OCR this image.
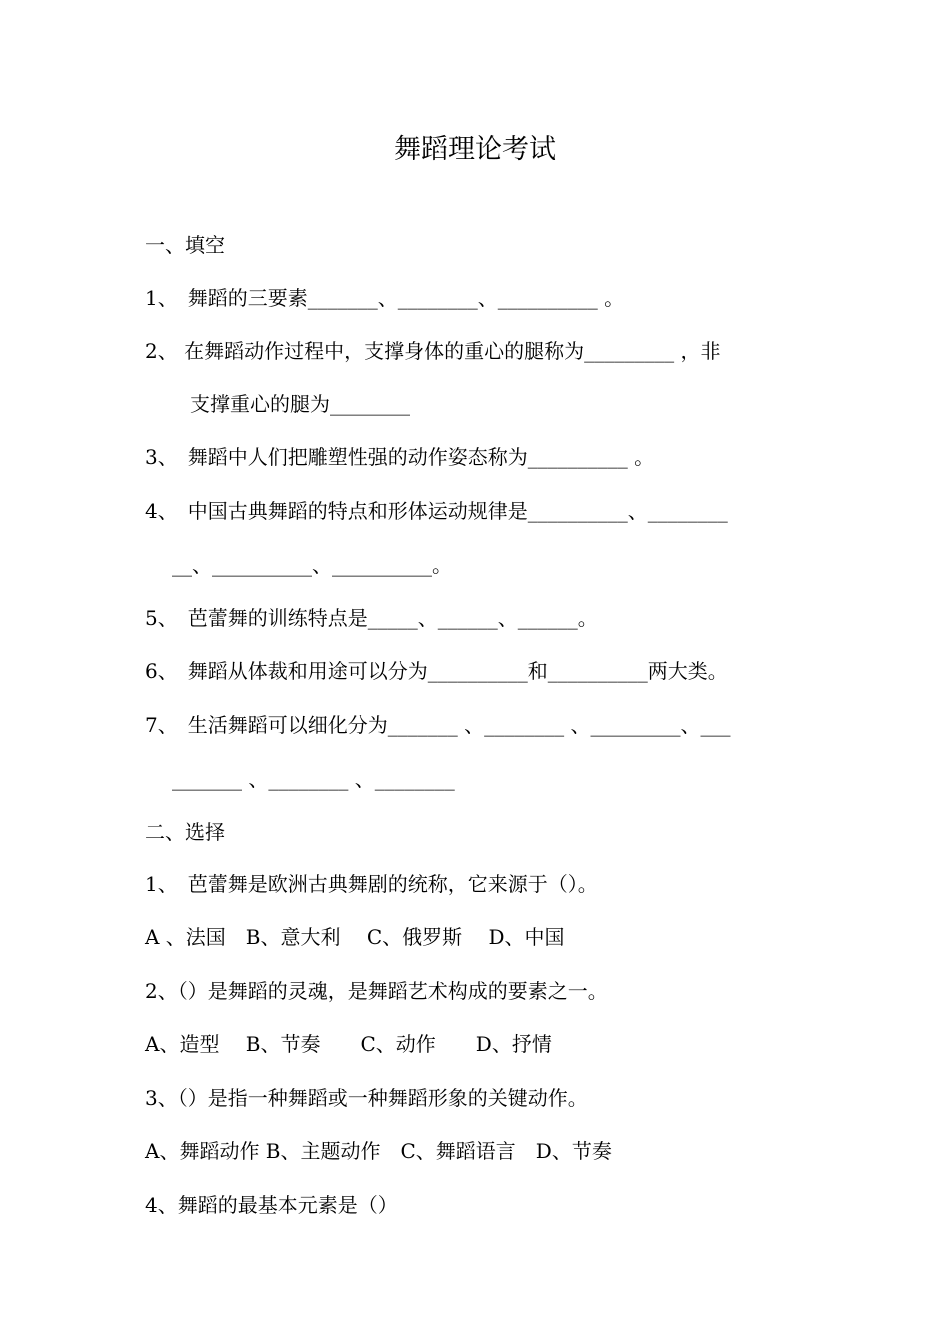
舞蹈理论考试
一、填空
1、　舞蹈的三要素_______、________、__________ 。
2、 在舞蹈动作过程中，支撑身体的重心的腿称为_________ ，非
支撑重心的腿为________
3、　舞蹈中人们把雕塑性强的动作姿态称为__________ 。
4、　中国古典舞蹈的特点和形体运动规律是__________、________
__、__________、__________。
5、　芭蕾舞的训练特点是_____、______、______。
6、　舞蹈从体裁和用途可以分为__________和__________两大类。
7、　生活舞蹈可以细化分为_______ 、________ 、_________、___
_______ 、________ 、________
二、选择
1、　芭蕾舞是欧洲古典舞剧的统称，它来源于（）。
A 、法国　B、意大利　 C、俄罗斯　 D、中国
2、（）是舞蹈的灵魂，是舞蹈艺术构成的要素之一。
A、造型　 B、节奏　　C、动作　　D、抒情
3、（）是指一种舞蹈或一种舞蹈形象的关键动作。
A、舞蹈动作 B、主题动作　C、舞蹈语言　D、节奏
4、舞蹈的最基本元素是（）
